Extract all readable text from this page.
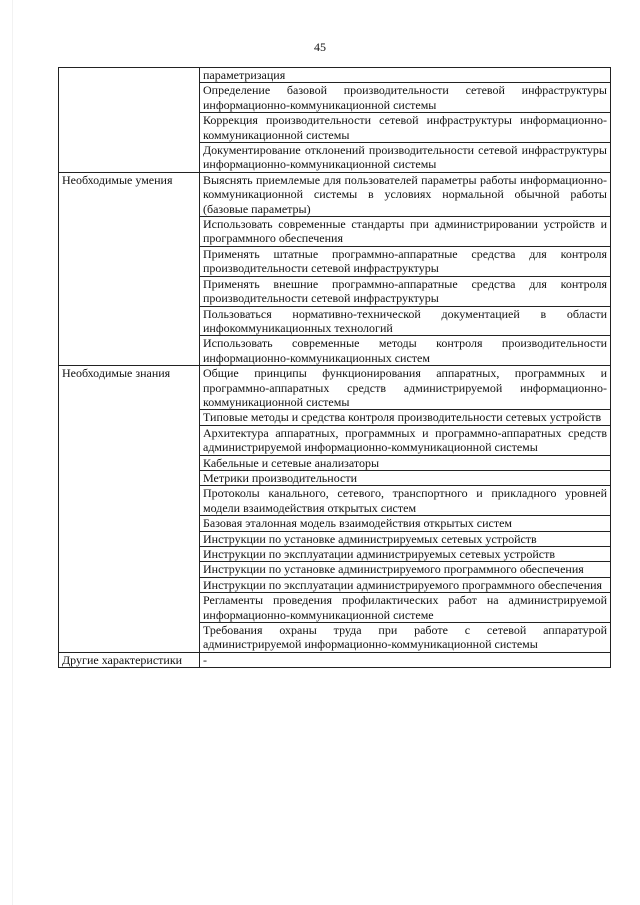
45
	параметризация
	Определение базовой производительности сетевой инфраструктуры информационно-коммуникационной системы
	Коррекция производительности сетевой инфраструктуры информационно-коммуникационной системы
	Документирование отклонений производительности сетевой инфраструктуры информационно-коммуникационной системы
Необходимые умения	Выяснять приемлемые для пользователей параметры работы информационно-коммуникационной системы в условиях нормальной обычной работы (базовые параметры)
	Использовать современные стандарты при администрировании устройств и программного обеспечения
	Применять штатные программно-аппаратные средства для контроля производительности сетевой инфраструктуры
	Применять внешние программно-аппаратные средства для контроля производительности сетевой инфраструктуры
	Пользоваться нормативно-технической документацией в области инфокоммуникационных технологий
	Использовать современные методы контроля производительности информационно-коммуникационных систем
Необходимые знания	Общие принципы функционирования аппаратных, программных и программно-аппаратных средств администрируемой информационно-коммуникационной системы
	Типовые методы и средства контроля производительности сетевых устройств
	Архитектура аппаратных, программных и программно-аппаратных средств администрируемой информационно-коммуникационной системы
	Кабельные и сетевые анализаторы
	Метрики производительности
	Протоколы канального, сетевого, транспортного и прикладного уровней модели взаимодействия открытых систем
	Базовая эталонная модель взаимодействия открытых систем
	Инструкции по установке администрируемых сетевых устройств
	Инструкции по эксплуатации администрируемых сетевых устройств
	Инструкции по установке администрируемого программного обеспечения
	Инструкции по эксплуатации администрируемого программного обеспечения
	Регламенты проведения профилактических работ на администрируемой информационно-коммуникационной системе
	Требования охраны труда при работе с сетевой аппаратурой администрируемой информационно-коммуникационной системы
Другие характеристики	-
